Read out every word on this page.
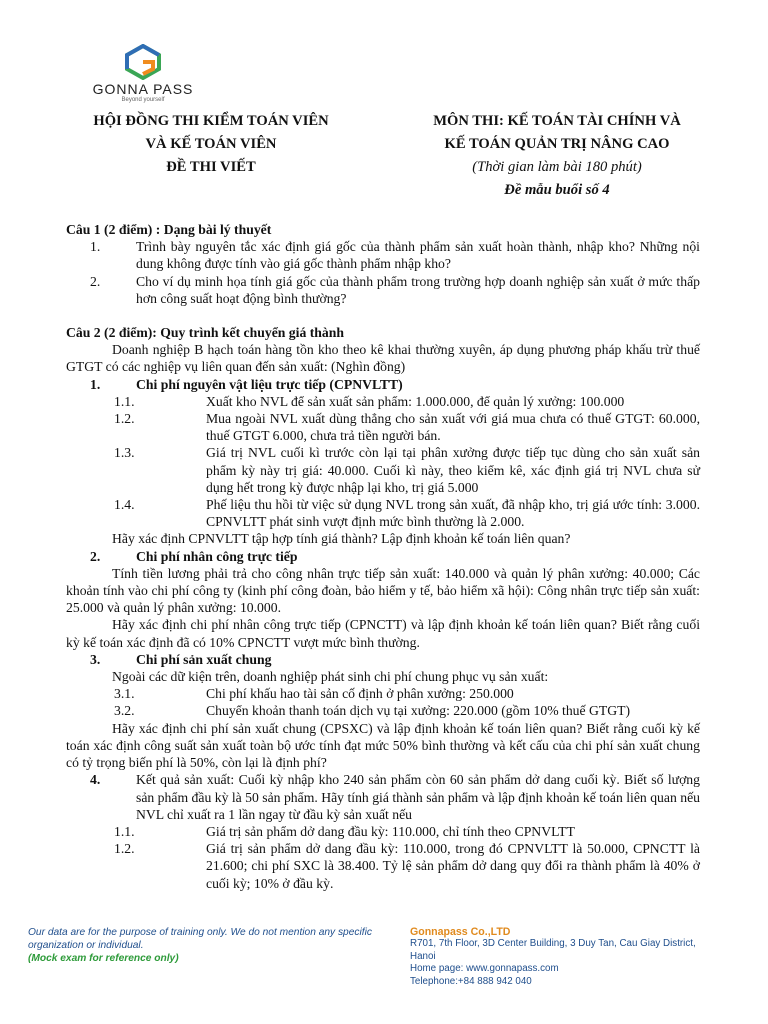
GONNA PASS
Beyond yourself
HỘI ĐỒNG THI KIỂM TOÁN VIÊN
VÀ KẾ TOÁN VIÊN
ĐỀ THI VIẾT
MÔN THI: KẾ TOÁN TÀI CHÍNH VÀ
KẾ TOÁN QUẢN TRỊ NÂNG CAO
(Thời gian làm bài 180 phút)
Đề mẫu buổi số 4

Câu 1 (2 điểm) : Dạng bài lý thuyết

1.	Trình bày nguyên tắc xác định giá gốc của thành phẩm sản xuất hoàn thành, nhập kho? Những nội dung không được tính vào giá gốc thành phẩm nhập kho?
2.	Cho ví dụ minh họa tính giá gốc của thành phẩm trong trường hợp doanh nghiệp sản xuất ở mức thấp hơn công suất hoạt động bình thường?

Câu 2 (2 điểm): Quy trình kết chuyển giá thành

Doanh nghiệp B hạch toán hàng tồn kho theo kê khai thường xuyên, áp dụng phương pháp khấu trừ thuế GTGT có các nghiệp vụ liên quan đến sản xuất: (Nghìn đồng)

1.	Chi phí nguyên vật liệu trực tiếp (CPNVLTT)
1.1.	Xuất kho NVL để sản xuất sản phẩm: 1.000.000, để quản lý xưởng: 100.000
1.2.	Mua ngoài NVL xuất dùng thẳng cho sản xuất với giá mua chưa có thuế GTGT: 60.000, thuế GTGT 6.000, chưa trả tiền người bán.
1.3.	Giá trị NVL cuối kì trước còn lại tại phân xưởng được tiếp tục dùng cho sản xuất sản phẩm kỳ này trị giá: 40.000. Cuối kì này, theo kiểm kê, xác định giá trị NVL chưa sử dụng hết trong kỳ được nhập lại kho, trị giá 5.000
1.4.	Phế liệu thu hồi từ việc sử dụng NVL trong sản xuất, đã nhập kho, trị giá ước tính: 3.000. CPNVLTT phát sinh vượt định mức bình thường là 2.000.

Hãy xác định CPNVLTT tập hợp tính giá thành? Lập định khoản kế toán liên quan?

2.	Chi phí nhân công trực tiếp

Tính tiền lương phải trả cho công nhân trực tiếp sản xuất: 140.000 và quản lý phân xưởng: 40.000; Các khoản tính vào chi phí công ty (kinh phí công đoàn, bảo hiểm y tế, bảo hiểm xã hội): Công nhân trực tiếp sản xuất: 25.000 và quản lý phân xưởng: 10.000.

Hãy xác định chi phí nhân công trực tiếp (CPNCTT) và lập định khoản kế toán liên quan? Biết rằng cuối kỳ kế toán xác định đã có 10% CPNCTT vượt mức bình thường.

3.	Chi phí sản xuất chung

Ngoài các dữ kiện trên, doanh nghiệp phát sinh chi phí chung phục vụ sản xuất:

3.1.	Chi phí khấu hao tài sản cố định ở phân xưởng: 250.000
3.2.	Chuyển khoản thanh toán dịch vụ tại xưởng: 220.000 (gồm 10% thuế GTGT)

Hãy xác định chi phí sản xuất chung (CPSXC) và lập định khoản kế toán liên quan? Biết rằng cuối kỳ kế toán xác định công suất sản xuất toàn bộ ước tính đạt mức 50% bình thường và kết cấu của chi phí sản xuất chung có tỷ trọng biến phí là 50%, còn lại là định phí?

4.	Kết quả sản xuất: Cuối kỳ nhập kho 240 sản phẩm còn 60 sản phẩm dở dang cuối kỳ. Biết số lượng sản phẩm đầu kỳ là 50 sản phẩm. Hãy tính giá thành sản phẩm và lập định khoản kế toán liên quan nếu NVL chỉ xuất ra 1 lần ngay từ đầu kỳ sản xuất nếu
1.1.	Giá trị sản phẩm dở dang đầu kỳ: 110.000, chỉ tính theo CPNVLTT
1.2.	Giá trị sản phẩm dở dang đầu kỳ: 110.000, trong đó CPNVLTT là 50.000, CPNCTT là 21.600; chi phí SXC là 38.400. Tỷ lệ sản phẩm dở dang quy đổi ra thành phẩm là 40% ở cuối kỳ; 10% ở đầu kỳ.
Our data are for the purpose of training only. We do not mention any specific organization or individual.
(Mock exam for reference only)
Gonnapass Co.,LTD
R701, 7th Floor, 3D Center Building, 3 Duy Tan, Cau Giay District, Hanoi
Home page: www.gonnapass.com
Telephone:+84 888 942 040
